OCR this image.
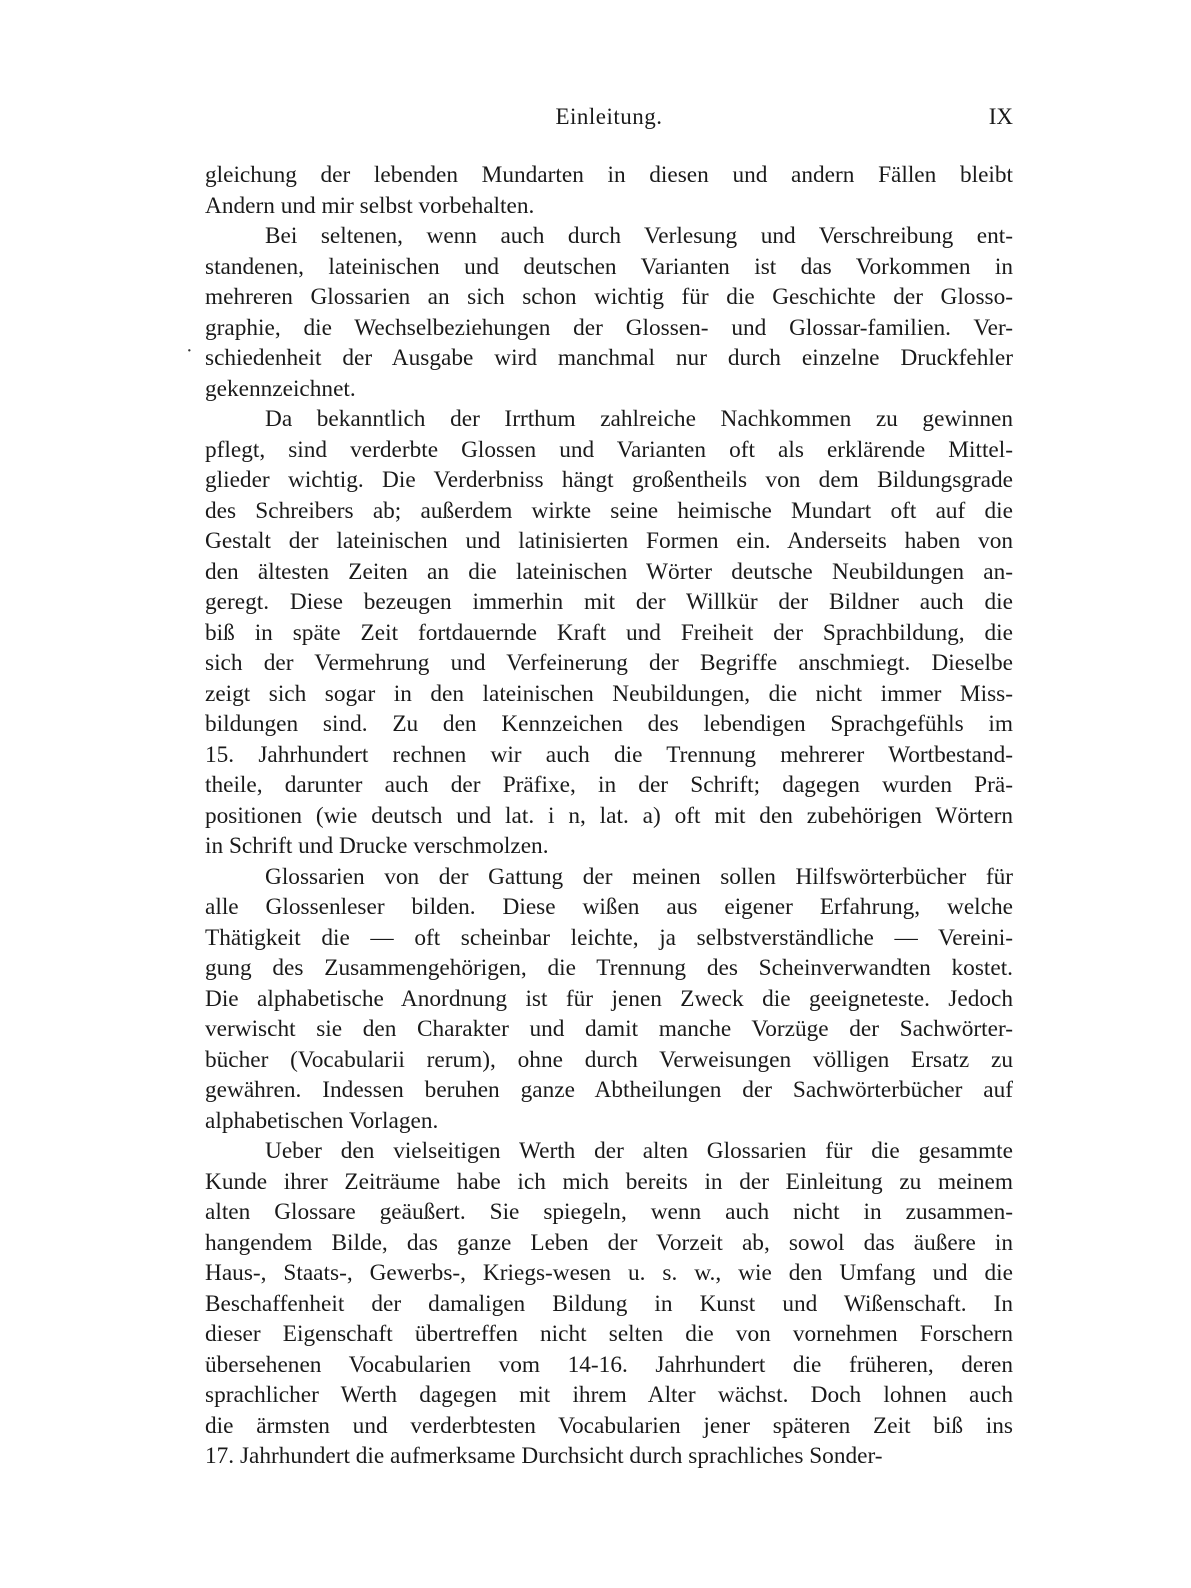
Einleitung.	IX
gleichung der lebenden Mundarten in diesen und andern Fällen bleibt
Andern und mir selbst vorbehalten.
Bei seltenen, wenn auch durch Verlesung und Verschreibung ent-
standenen, lateinischen und deutschen Varianten ist das Vorkommen in
mehreren Glossarien an sich schon wichtig für die Geschichte der Glosso-
graphie, die Wechselbeziehungen der Glossen- und Glossar-familien. Ver-
schiedenheit der Ausgabe wird manchmal nur durch einzelne Druckfehler
gekennzeichnet.
Da bekanntlich der Irrthum zahlreiche Nachkommen zu gewinnen
pflegt, sind verderbte Glossen und Varianten oft als erklärende Mittel-
glieder wichtig. Die Verderbniss hängt großentheils von dem Bildungsgrade
des Schreibers ab; außerdem wirkte seine heimische Mundart oft auf die
Gestalt der lateinischen und latinisierten Formen ein. Anderseits haben von
den ältesten Zeiten an die lateinischen Wörter deutsche Neubildungen an-
geregt. Diese bezeugen immerhin mit der Willkür der Bildner auch die
biß in späte Zeit fortdauernde Kraft und Freiheit der Sprachbildung, die
sich der Vermehrung und Verfeinerung der Begriffe anschmiegt. Dieselbe
zeigt sich sogar in den lateinischen Neubildungen, die nicht immer Miss-
bildungen sind. Zu den Kennzeichen des lebendigen Sprachgefühls im
15. Jahrhundert rechnen wir auch die Trennung mehrerer Wortbestand-
theile, darunter auch der Präfixe, in der Schrift; dagegen wurden Prä-
positionen (wie deutsch und lat. i n, lat. a) oft mit den zubehörigen Wörtern
in Schrift und Drucke verschmolzen.
Glossarien von der Gattung der meinen sollen Hilfswörterbücher für
alle Glossenleser bilden. Diese wißen aus eigener Erfahrung, welche
Thätigkeit die — oft scheinbar leichte, ja selbstverständliche — Vereini-
gung des Zusammengehörigen, die Trennung des Scheinverwandten kostet.
Die alphabetische Anordnung ist für jenen Zweck die geeigneteste. Jedoch
verwischt sie den Charakter und damit manche Vorzüge der Sachwörter-
bücher (Vocabularii rerum), ohne durch Verweisungen völligen Ersatz zu
gewähren. Indessen beruhen ganze Abtheilungen der Sachwörterbücher auf
alphabetischen Vorlagen.
Ueber den vielseitigen Werth der alten Glossarien für die gesammte
Kunde ihrer Zeiträume habe ich mich bereits in der Einleitung zu meinem
alten Glossare geäußert. Sie spiegeln, wenn auch nicht in zusammen-
hangendem Bilde, das ganze Leben der Vorzeit ab, sowol das äußere in
Haus-, Staats-, Gewerbs-, Kriegs-wesen u. s. w., wie den Umfang und die
Beschaffenheit der damaligen Bildung in Kunst und Wißenschaft. In
dieser Eigenschaft übertreffen nicht selten die von vornehmen Forschern
übersehenen Vocabularien vom 14-16. Jahrhundert die früheren, deren
sprachlicher Werth dagegen mit ihrem Alter wächst. Doch lohnen auch
die ärmsten und verderbtesten Vocabularien jener späteren Zeit biß ins
17. Jahrhundert die aufmerksame Durchsicht durch sprachliches Sonder-
·
